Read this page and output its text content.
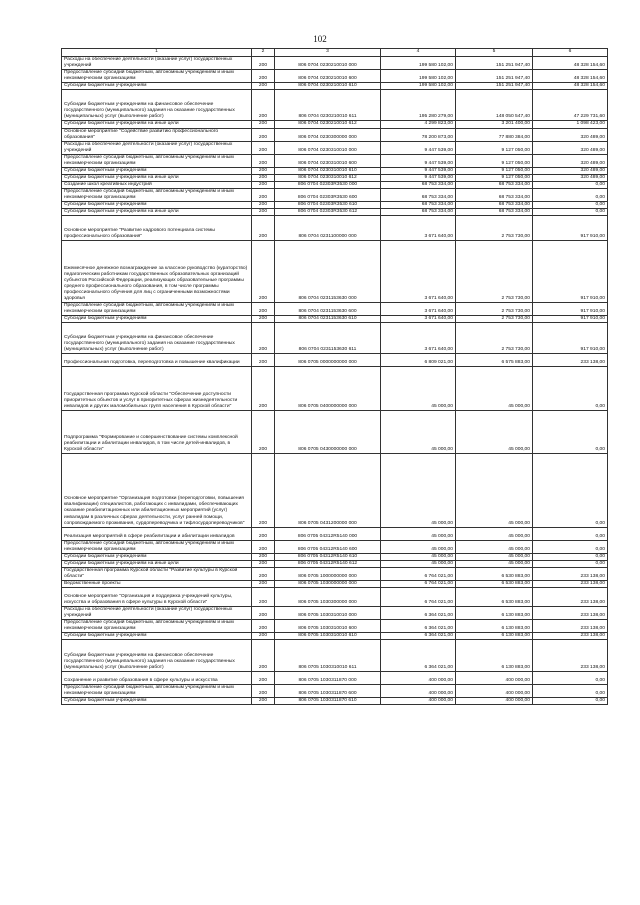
102
1	2	3	4	5	6
Расходы на обеспечение деятельности (оказание услуг) государственных учреждений	200	806 0704 0230210010 000	199 580 102,00	151 251 947,40	48 328 154,60
Предоставление субсидий бюджетным, автономным учреждениям и иным некоммерческим организациям	200	806 0704 0230210010 600	199 580 102,00	151 251 947,40	48 328 154,60
Субсидии бюджетным учреждениям	200	806 0704 0230210010 610	199 580 102,00	151 251 947,40	48 328 154,60
Субсидии бюджетным учреждениям на финансовое обеспечение государственного (муниципального) задания на оказание государственных (муниципальных) услуг (выполнение работ)	200	806 0704 0230210010 611	195 280 279,00	148 050 547,40	47 229 731,60
Субсидии бюджетным учреждениям на иные цели	200	806 0704 0230210010 612	4 299 823,00	3 201 400,00	1 098 423,00
Основное мероприятие "Содействие развитию профессионального образования"	200	806 0704 0230300000 000	78 200 873,00	77 880 384,00	320 489,00
Расходы на обеспечение деятельности (оказание услуг) государственных учреждений	200	806 0704 0230310010 000	9 447 539,00	9 127 050,00	320 489,00
Предоставление субсидий бюджетным, автономным учреждениям и иным некоммерческим организациям	200	806 0704 0230310010 600	9 447 539,00	9 127 050,00	320 489,00
Субсидии бюджетным учреждениям	200	806 0704 0230310010 610	9 447 539,00	9 127 050,00	320 489,00
Субсидии бюджетным учреждениям на иные цели	200	806 0704 0230310010 612	9 447 539,00	9 127 050,00	320 489,00
Создание школ креативных индустрий	200	806 0704 02303R3530 000	68 753 334,00	68 753 334,00	0,00
Предоставление субсидий бюджетным, автономным учреждениям и иным некоммерческим организациям	200	806 0704 02303R3530 600	68 753 334,00	68 753 334,00	0,00
Субсидии бюджетным учреждениям	200	806 0704 02303R3530 610	68 753 334,00	68 753 334,00	0,00
Субсидии бюджетным учреждениям на иные цели	200	806 0704 02303R3530 612	68 753 334,00	68 753 334,00	0,00
Основное мероприятие "Развитие кадрового потенциала системы профессионального образования"	200	806 0704 0231100000 000	3 671 640,00	2 753 730,00	917 910,00
Ежемесячное денежное вознаграждение за классное руководство (кураторство) педагогическим работникам государственных образовательных организаций субъектов Российской Федерации, реализующих образовательные программы среднего профессионального образования, в том числе программы профессионального обучения для лиц с ограниченными возможностями здоровья	200	806 0704 0231153630 000	3 671 640,00	2 753 730,00	917 910,00
Предоставление субсидий бюджетным, автономным учреждениям и иным некоммерческим организациям	200	806 0704 0231153630 600	3 671 640,00	2 753 730,00	917 910,00
Субсидии бюджетным учреждениям	200	806 0704 0231153630 610	3 671 640,00	2 753 730,00	917 910,00
Субсидии бюджетным учреждениям на финансовое обеспечение государственного (муниципального) задания на оказание государственных (муниципальных) услуг (выполнение работ)	200	806 0704 0231153630 611	3 671 640,00	2 753 730,00	917 910,00
Профессиональная подготовка, переподготовка и повышение квалификации	200	806 0705 0000000000 000	6 809 021,00	6 575 883,00	233 138,00
Государственная программа Курской области "Обеспечение доступности приоритетных объектов и услуг в приоритетных сферах жизнедеятельности инвалидов и других маломобильных групп населения в Курской области"	200	806 0705 0400000000 000	45 000,00	45 000,00	0,00
Подпрограмма "Формирование и совершенствование системы комплексной реабилитации и абилитации инвалидов, в том числе детей-инвалидов, в Курской области"	200	806 0705 0430000000 000	45 000,00	45 000,00	0,00
Основное мероприятие "Организация подготовки (переподготовки, повышения квалификации) специалистов, работающих с инвалидами, обеспечивающих оказание реабилитационных или абилитационных мероприятий (услуг) инвалидам в различных сферах деятельности, услуг ранней помощи, сопровождаемого проживания, сурдопереводчика и тифлосурдопереводчиков"	200	806 0705 0431200000 000	45 000,00	45 000,00	0,00
Реализация мероприятий в сфере реабилитации и абилитации инвалидов	200	806 0705 04312R5140 000	45 000,00	45 000,00	0,00
Предоставление субсидий бюджетным, автономным учреждениям и иным некоммерческим организациям	200	806 0705 04312R5140 600	45 000,00	45 000,00	0,00
Субсидии бюджетным учреждениям	200	806 0705 04312R5140 610	45 000,00	45 000,00	0,00
Субсидии бюджетным учреждениям на иные цели	200	806 0705 04312R5140 612	45 000,00	45 000,00	0,00
Государственная программа Курской области "Развитие культуры в Курской области"	200	806 0705 1000000000 000	6 764 021,00	6 530 883,00	233 138,00
Ведомственные проекты	200	806 0705 1030000000 000	6 764 021,00	6 530 883,00	233 138,00
Основное мероприятие "Организация и поддержка учреждений культуры, искусства и образования в сфере культуры в Курской области"	200	806 0705 1030300000 000	6 764 021,00	6 530 883,00	233 138,00
Расходы на обеспечение деятельности (оказание услуг) государственных учреждений	200	806 0705 1030310010 000	6 364 021,00	6 130 883,00	233 138,00
Предоставление субсидий бюджетным, автономным учреждениям и иным некоммерческим организациям	200	806 0705 1030310010 600	6 364 021,00	6 130 883,00	233 138,00
Субсидии бюджетным учреждениям	200	806 0705 1030310010 610	6 364 021,00	6 130 883,00	233 138,00
Субсидии бюджетным учреждениям на финансовое обеспечение государственного (муниципального) задания на оказание государственных (муниципальных) услуг (выполнение работ)	200	806 0705 1030310010 611	6 364 021,00	6 130 883,00	233 138,00
Сохранение и развитие образования в сфере культуры и искусства	200	806 0705 1030311870 000	400 000,00	400 000,00	0,00
Предоставление субсидий бюджетным, автономным учреждениям и иным некоммерческим организациям	200	806 0705 1030311870 600	400 000,00	400 000,00	0,00
Субсидии бюджетным учреждениям	200	806 0705 1030311870 610	400 000,00	400 000,00	0,00
